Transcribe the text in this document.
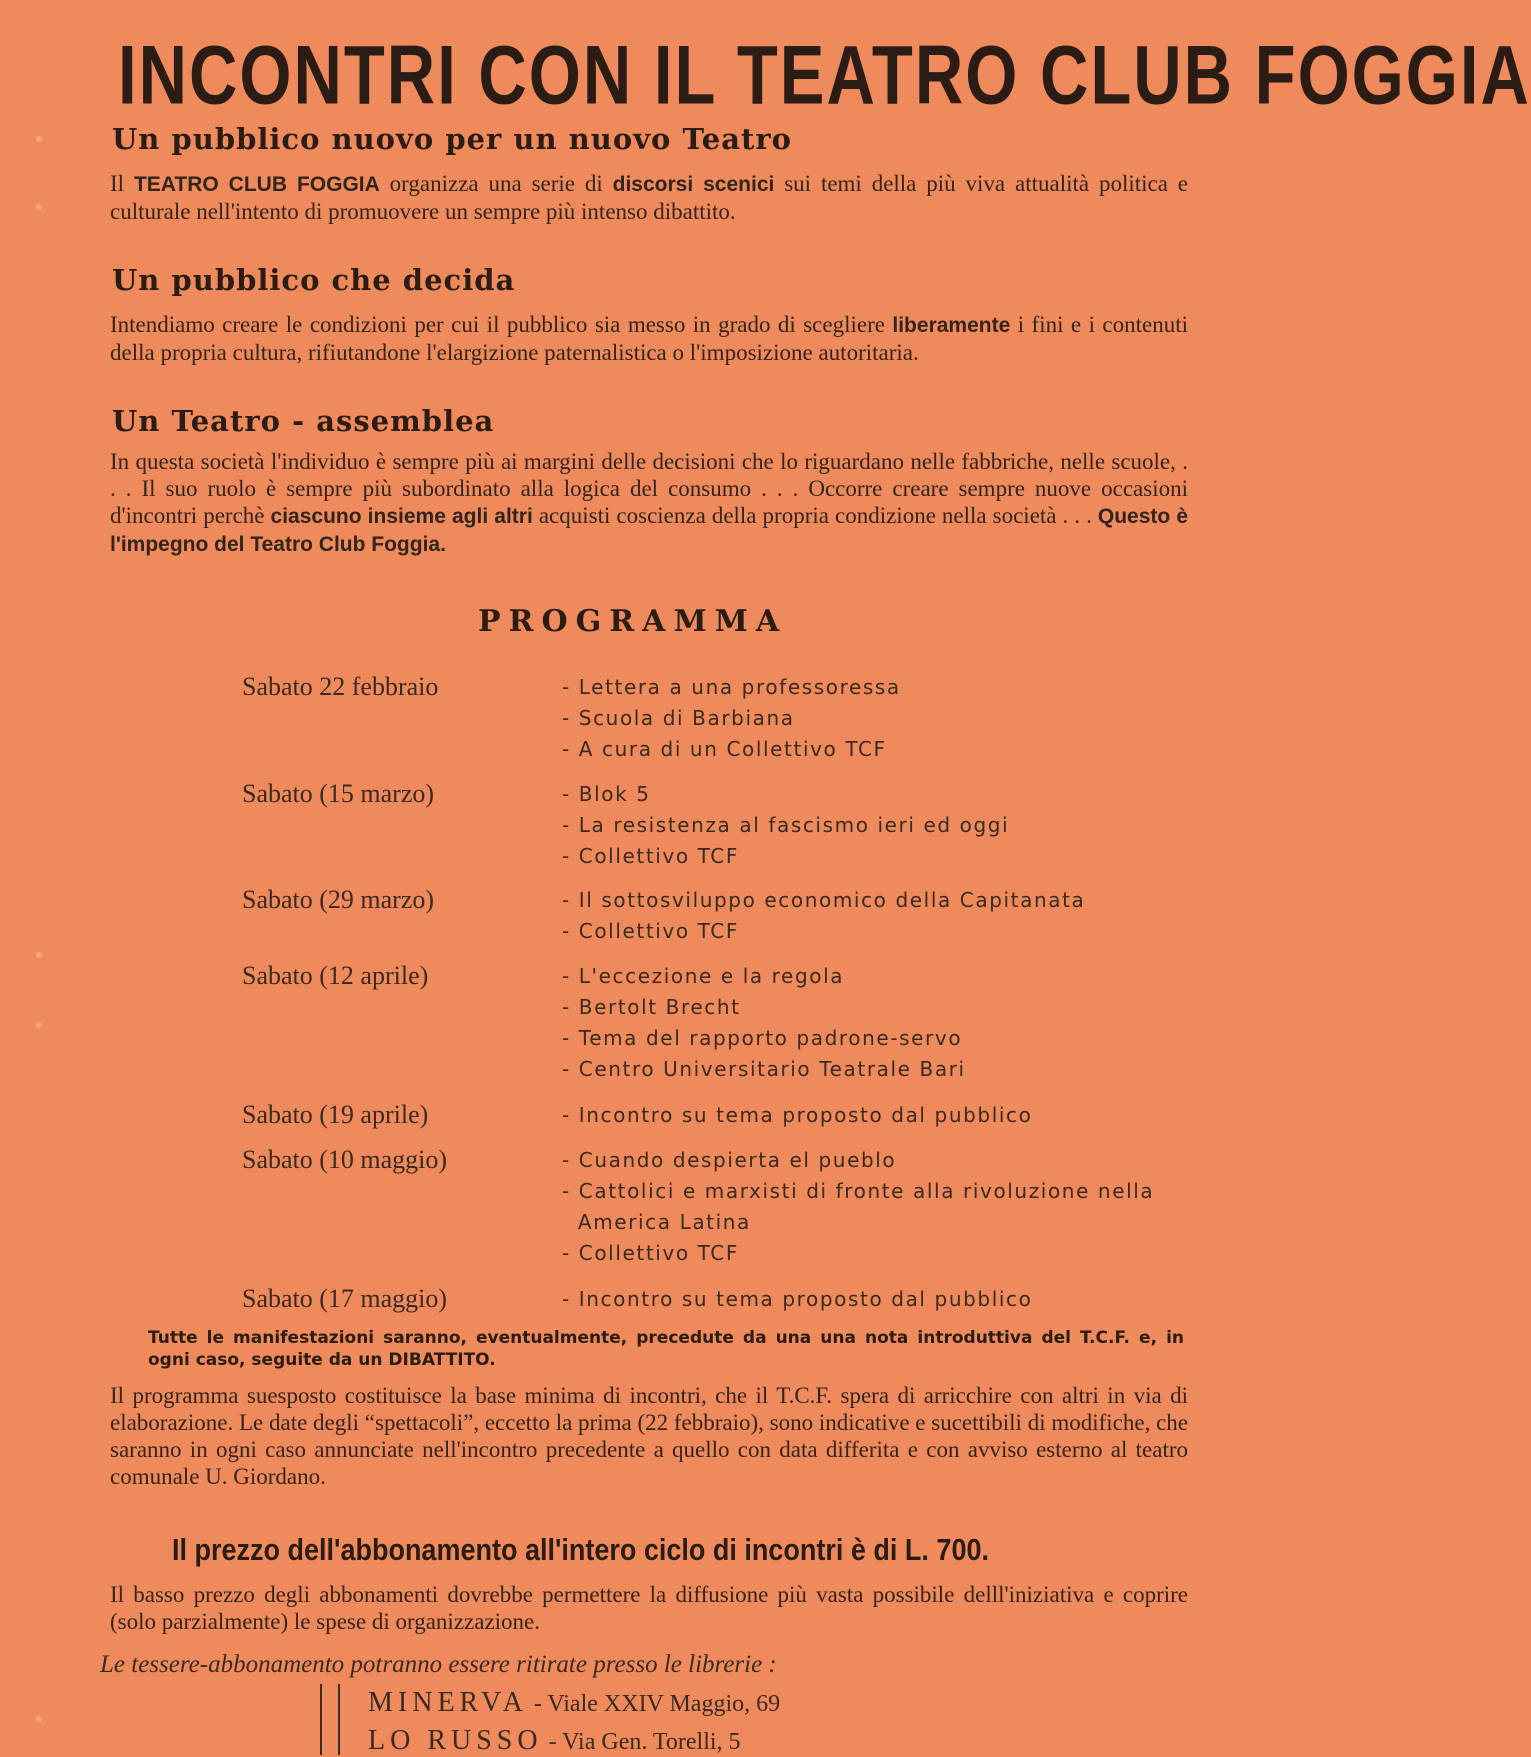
INCONTRI CON IL TEATRO CLUB FOGGIA
Un pubblico nuovo per un nuovo Teatro
Il TEATRO CLUB FOGGIA organizza una serie di discorsi scenici sui temi della più viva attualità politica e culturale nell'intento di promuovere un sempre più intenso dibattito.
Un pubblico che decida
Intendiamo creare le condizioni per cui il pubblico sia messo in grado di scegliere liberamente i fini e i contenuti della propria cultura, rifiutandone l'elargizione paternalistica o l'imposizione autoritaria.
Un Teatro - assemblea
In questa società l'individuo è sempre più ai margini delle decisioni che lo riguardano nelle fabbriche, nelle scuole, . . . Il suo ruolo è sempre più subordinato alla logica del consumo . . . Occorre creare sempre nuove occasioni d'incontri perchè ciascuno insieme agli altri acquisti coscienza della propria condizione nella società . . . Questo è l'impegno del Teatro Club Foggia.
PROGRAMMA
Sabato 22 febbraio	- Lettera a una professoressa
- Scuola di Barbiana
- A cura di un Collettivo TCF
Sabato (15 marzo)	- Blok 5
- La resistenza al fascismo ieri ed oggi
- Collettivo TCF
Sabato (29 marzo)	- Il sottosviluppo economico della Capitanata
- Collettivo TCF
Sabato (12 aprile)	- L'eccezione e la regola
- Bertolt Brecht
- Tema del rapporto padrone-servo
- Centro Universitario Teatrale Bari
Sabato (19 aprile)	- Incontro su tema proposto dal pubblico
Sabato (10 maggio)	- Cuando despierta el pueblo
- Cattolici e marxisti di fronte alla rivoluzione nella
America Latina
- Collettivo TCF
Sabato (17 maggio)	- Incontro su tema proposto dal pubblico
Tutte le manifestazioni saranno, eventualmente, precedute da una una nota introduttiva del T.C.F. e, in ogni caso, seguite da un DIBATTITO.
Il programma suesposto costituisce la base minima di incontri, che il T.C.F. spera di arricchire con altri in via di elaborazione. Le date degli “spettacoli”, eccetto la prima (22 febbraio), sono indicative e sucettibili di modifiche, che saranno in ogni caso annunciate nell'incontro precedente a quello con data differita e con avviso esterno al teatro comunale U. Giordano.
Il prezzo dell'abbonamento all'intero ciclo di incontri è di L. 700.
Il basso prezzo degli abbonamenti dovrebbe permettere la diffusione più vasta possibile delll'iniziativa e coprire (solo parzialmente) le spese di organizzazione.
Le tessere-abbonamento potranno essere ritirate presso le librerie :
MINERVA - Viale XXIV Maggio, 69
LO RUSSO - Via Gen. Torelli, 5
